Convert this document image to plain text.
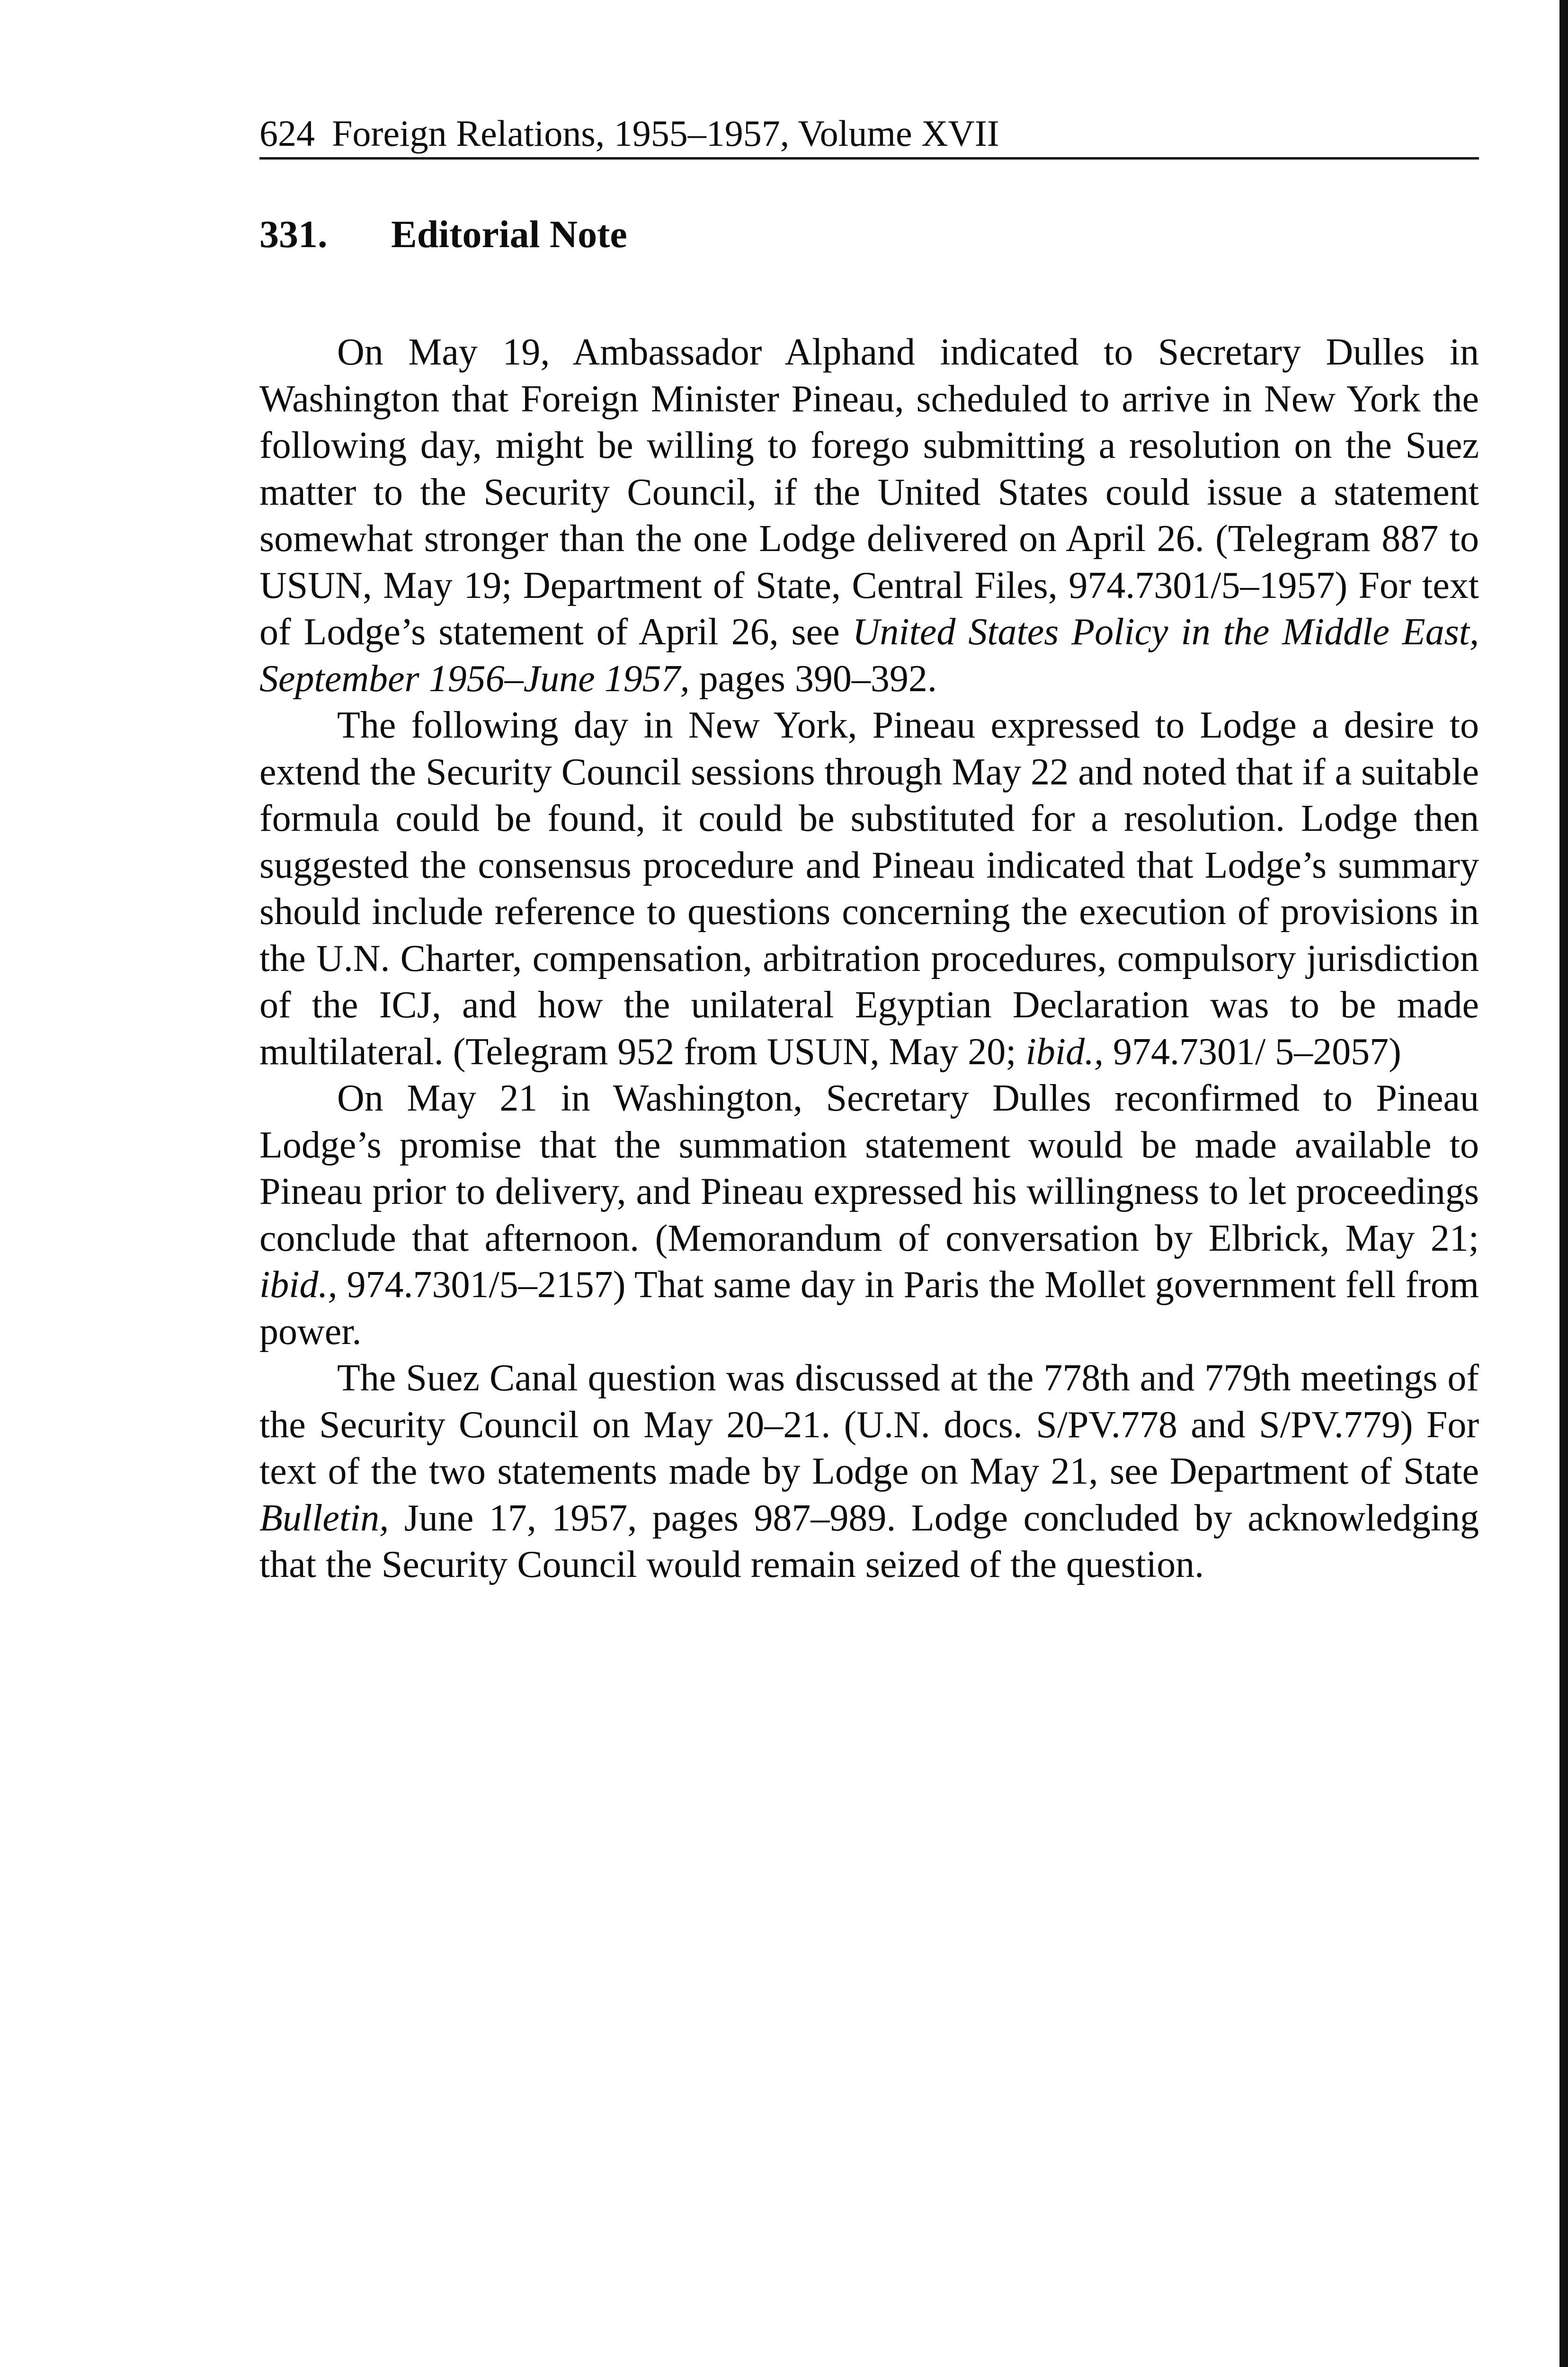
624 Foreign Relations, 1955–1957, Volume XVII
331. Editorial Note

On May 19, Ambassador Alphand indicated to Secretary Dulles in Washington that Foreign Minister Pineau, scheduled to arrive in New York the following day, might be willing to forego submitting a resolution on the Suez matter to the Security Council, if the United States could issue a statement somewhat stronger than the one Lodge delivered on April 26. (Telegram 887 to USUN, May 19; Department of State, Central Files, 974.7301/5–1957) For text of Lodge’s statement of April 26, see United States Policy in the Middle East, September 1956–June 1957, pages 390–392.

The following day in New York, Pineau expressed to Lodge a desire to extend the Security Council sessions through May 22 and noted that if a suitable formula could be found, it could be substituted for a resolution. Lodge then suggested the consensus procedure and Pineau indicated that Lodge’s summary should include reference to questions concerning the execution of provisions in the U.N. Charter, compensation, arbitration procedures, compulsory jurisdiction of the ICJ, and how the unilateral Egyptian Declaration was to be made multilateral. (Telegram 952 from USUN, May 20; ibid., 974.7301/ 5–2057)

On May 21 in Washington, Secretary Dulles reconfirmed to Pineau Lodge’s promise that the summation statement would be made available to Pineau prior to delivery, and Pineau expressed his willingness to let proceedings conclude that afternoon. (Memorandum of conversation by Elbrick, May 21; ibid., 974.7301/5–2157) That same day in Paris the Mollet government fell from power.

The Suez Canal question was discussed at the 778th and 779th meetings of the Security Council on May 20–21. (U.N. docs. S/PV.778 and S/PV.779) For text of the two statements made by Lodge on May 21, see Department of State Bulletin, June 17, 1957, pages 987–989. Lodge concluded by acknowledging that the Security Council would remain seized of the question.
